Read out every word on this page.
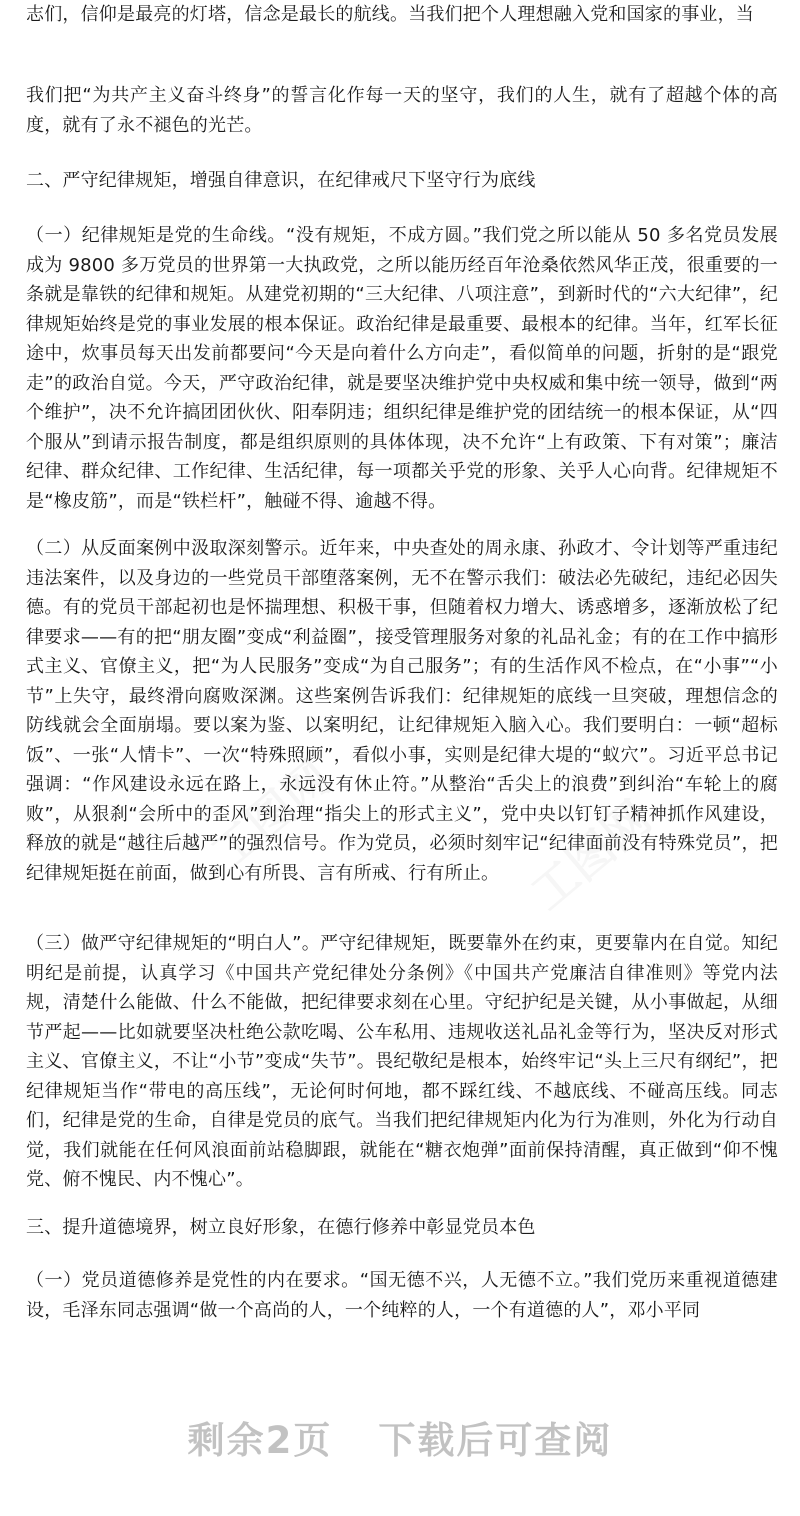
志们，信仰是最亮的灯塔，信念是最长的航线。当我们把个人理想融入党和国家的事业，当

我们把“为共产主义奋斗终身”的誓言化作每一天的坚守，我们的人生，就有了超越个体的高度，就有了永不褪色的光芒。

二、严守纪律规矩，增强自律意识，在纪律戒尺下坚守行为底线

（一）纪律规矩是党的生命线。“没有规矩，不成方圆。”我们党之所以能从 50 多名党员发展成为 9800 多万党员的世界第一大执政党，之所以能历经百年沧桑依然风华正茂，很重要的一条就是靠铁的纪律和规矩。从建党初期的“三大纪律、八项注意”，到新时代的“六大纪律”，纪律规矩始终是党的事业发展的根本保证。政治纪律是最重要、最根本的纪律。当年，红军长征途中，炊事员每天出发前都要问“今天是向着什么方向走”，看似简单的问题，折射的是“跟党走”的政治自觉。今天，严守政治纪律，就是要坚决维护党中央权威和集中统一领导，做到“两个维护”，决不允许搞团团伙伙、阳奉阴违；组织纪律是维护党的团结统一的根本保证，从“四个服从”到请示报告制度，都是组织原则的具体体现，决不允许“上有政策、下有对策”；廉洁纪律、群众纪律、工作纪律、生活纪律，每一项都关乎党的形象、关乎人心向背。纪律规矩不是“橡皮筋”，而是“铁栏杆”，触碰不得、逾越不得。

（二）从反面案例中汲取深刻警示。近年来，中央查处的周永康、孙政才、令计划等严重违纪违法案件，以及身边的一些党员干部堕落案例，无不在警示我们：破法必先破纪，违纪必因失德。有的党员干部起初也是怀揣理想、积极干事，但随着权力增大、诱惑增多，逐渐放松了纪律要求——有的把“朋友圈”变成“利益圈”，接受管理服务对象的礼品礼金；有的在工作中搞形式主义、官僚主义，把“为人民服务”变成“为自己服务”；有的生活作风不检点，在“小事”“小节”上失守，最终滑向腐败深渊。这些案例告诉我们：纪律规矩的底线一旦突破，理想信念的防线就会全面崩塌。要以案为鉴、以案明纪，让纪律规矩入脑入心。我们要明白：一顿“超标饭”、一张“人情卡”、一次“特殊照顾”，看似小事，实则是纪律大堤的“蚁穴”。习近平总书记强调：“作风建设永远在路上，永远没有休止符。”从整治“舌尖上的浪费”到纠治“车轮上的腐败”，从狠刹“会所中的歪风”到治理“指尖上的形式主义”，党中央以钉钉子精神抓作风建设，释放的就是“越往后越严”的强烈信号。作为党员，必须时刻牢记“纪律面前没有特殊党员”，把纪律规矩挺在前面，做到心有所畏、言有所戒、行有所止。

（三）做严守纪律规矩的“明白人”。严守纪律规矩，既要靠外在约束，更要靠内在自觉。知纪明纪是前提，认真学习《中国共产党纪律处分条例》《中国共产党廉洁自律准则》等党内法规，清楚什么能做、什么不能做，把纪律要求刻在心里。守纪护纪是关键，从小事做起，从细节严起——比如就要坚决杜绝公款吃喝、公车私用、违规收送礼品礼金等行为，坚决反对形式主义、官僚主义，不让“小节”变成“失节”。畏纪敬纪是根本，始终牢记“头上三尺有纲纪”，把纪律规矩当作“带电的高压线”，无论何时何地，都不踩红线、不越底线、不碰高压线。同志们，纪律是党的生命，自律是党员的底气。当我们把纪律规矩内化为行为准则，外化为行动自觉，我们就能在任何风浪面前站稳脚跟，就能在“糖衣炮弹”面前保持清醒，真正做到“仰不愧党、俯不愧民、内不愧心”。

三、提升道德境界，树立良好形象，在德行修养中彰显党员本色

（一）党员道德修养是党性的内在要求。“国无德不兴，人无德不立。”我们党历来重视道德建设，毛泽东同志强调“做一个高尚的人，一个纯粹的人，一个有道德的人”，邓小平同

剩余2页 下载后可查阅
